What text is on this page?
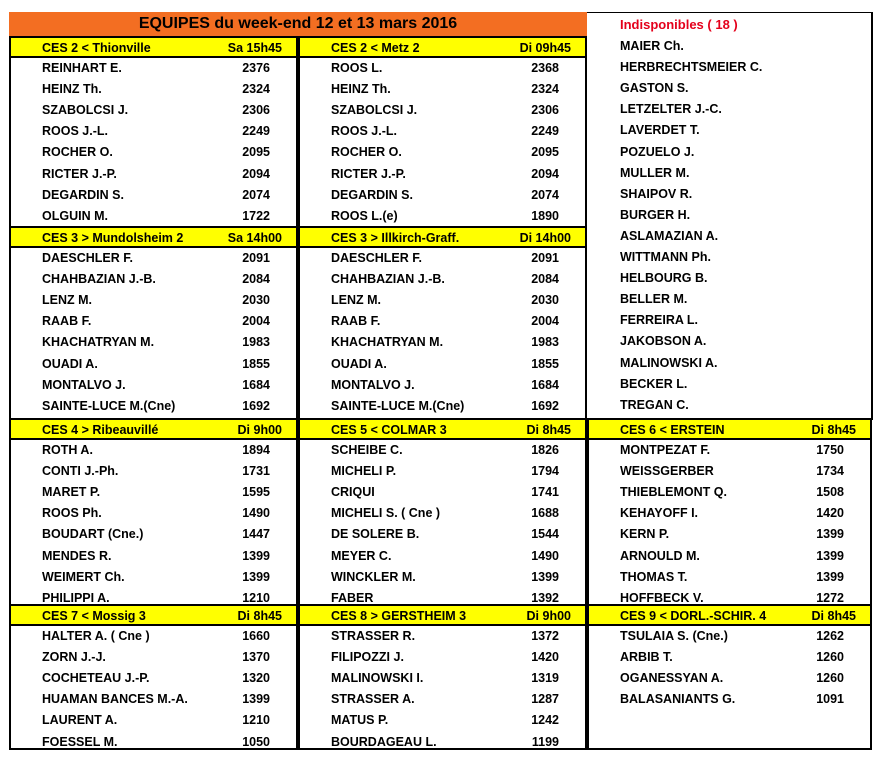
EQUIPES du week-end 12 et 13 mars 2016	Indisponibles ( 18 )
MAIER Ch.
HERBRECHTSMEIER C.
GASTON S.
LETZELTER J.-C.
LAVERDET T.
POZUELO J.
MULLER M.
SHAIPOV R.
BURGER H.
ASLAMAZIAN A.
WITTMANN Ph.
HELBOURG B.
BELLER M.
FERREIRA L.
JAKOBSON A.
MALINOWSKI A.
BECKER L.
TREGAN C.
CES 2 < Thionville	Sa 15h45
REINHART E.	2376
HEINZ Th.	2324
SZABOLCSI J.	2306
ROOS J.-L.	2249
ROCHER O.	2095
RICTER J.-P.	2094
DEGARDIN S.	2074
OLGUIN M.	1722
CES 2 < Metz 2	Di 09h45
ROOS L.	2368
HEINZ Th.	2324
SZABOLCSI J.	2306
ROOS J.-L.	2249
ROCHER O.	2095
RICTER J.-P.	2094
DEGARDIN S.	2074
ROOS L.(e)	1890
CES 3 > Mundolsheim 2	Sa 14h00
DAESCHLER F.	2091
CHAHBAZIAN J.-B.	2084
LENZ M.	2030
RAAB F.	2004
KHACHATRYAN M.	1983
OUADI A.	1855
MONTALVO J.	1684
SAINTE-LUCE M.(Cne)	1692
CES 3 > Illkirch-Graff.	Di 14h00
DAESCHLER F.	2091
CHAHBAZIAN J.-B.	2084
LENZ M.	2030
RAAB F.	2004
KHACHATRYAN M.	1983
OUADI A.	1855
MONTALVO J.	1684
SAINTE-LUCE M.(Cne)	1692
CES 4 > Ribeauvillé	Di 9h00
ROTH A.	1894
CONTI J.-Ph.	1731
MARET P.	1595
ROOS Ph.	1490
BOUDART (Cne.)	1447
MENDES R.	1399
WEIMERT Ch.	1399
PHILIPPI A.	1210
CES 5 < COLMAR 3	Di 8h45
SCHEIBE C.	1826
MICHELI P.	1794
CRIQUI	1741
MICHELI S. ( Cne )	1688
DE SOLERE B.	1544
MEYER C.	1490
WINCKLER M.	1399
FABER	1392
CES 6 < ERSTEIN	Di 8h45
MONTPEZAT F.	1750
WEISSGERBER	1734
THIEBLEMONT Q.	1508
KEHAYOFF I.	1420
KERN P.	1399
ARNOULD M.	1399
THOMAS T.	1399
HOFFBECK V.	1272
CES 7 < Mossig 3	Di 8h45
HALTER A. ( Cne )	1660
ZORN J.-J.	1370
COCHETEAU J.-P.	1320
HUAMAN BANCES M.-A.	1399
LAURENT A.	1210
FOESSEL M.	1050
CES 8 > GERSTHEIM 3	Di 9h00
STRASSER R.	1372
FILIPOZZI J.	1420
MALINOWSKI I.	1319
STRASSER A.	1287
MATUS P.	1242
BOURDAGEAU L.	1199
CES 9 < DORL.-SCHIR. 4	Di 8h45
TSULAIA S. (Cne.)	1262
ARBIB T.	1260
OGANESSYAN A.	1260
BALASANIANTS G.	1091
